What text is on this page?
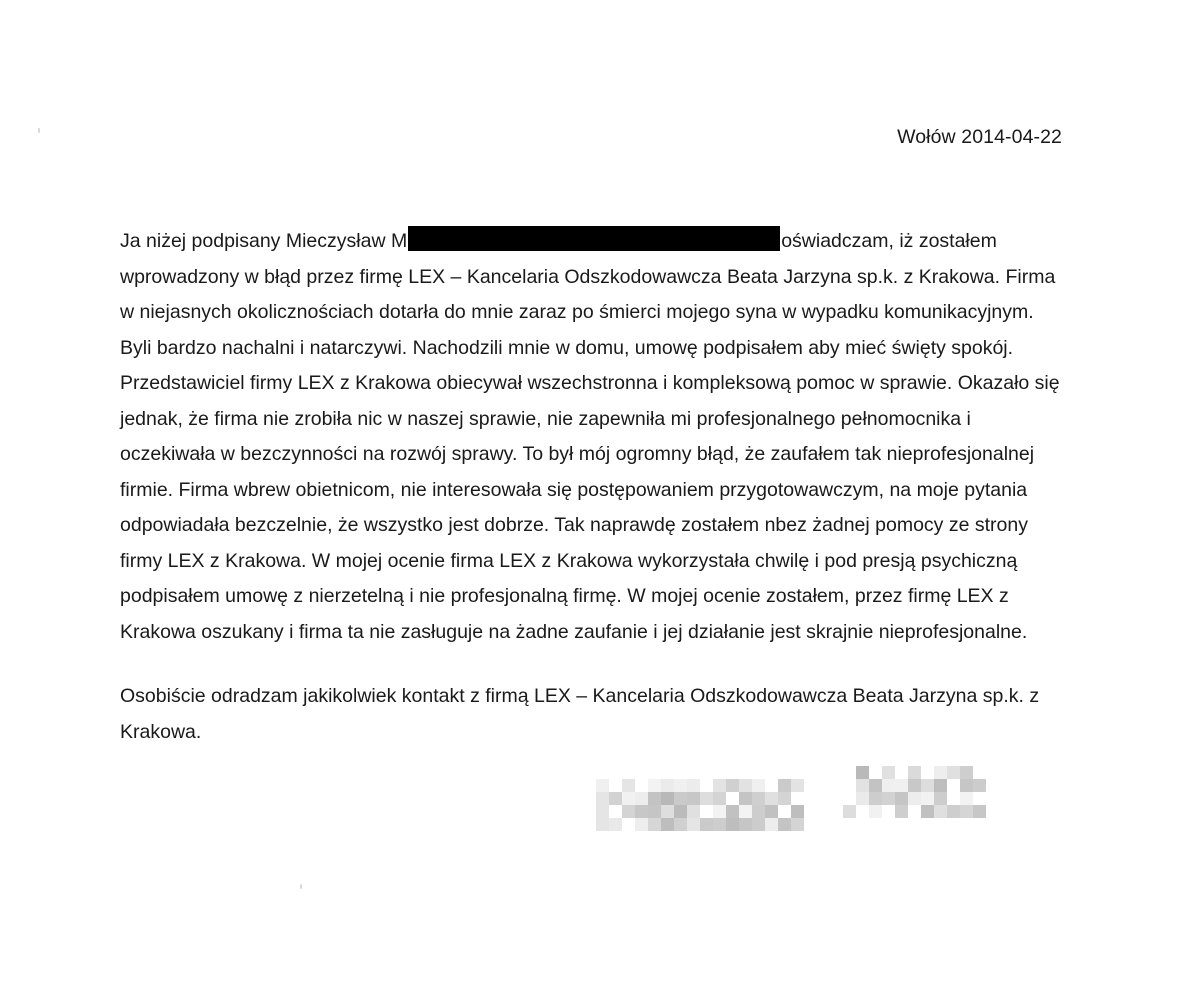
Wołów 2014-04-22

Ja niżej podpisany Mieczysław M	oświadczam, iż zostałem wprowadzony w błąd przez firmę LEX – Kancelaria Odszkodowawcza Beata Jarzyna sp.k. z Krakowa. Firma w niejasnych okolicznościach dotarła do mnie zaraz po śmierci mojego syna w wypadku komunikacyjnym. Byli bardzo nachalni i natarczywi. Nachodzili mnie w domu, umowę podpisałem aby mieć święty spokój. Przedstawiciel firmy LEX z Krakowa obiecywał wszechstronna i kompleksową pomoc w sprawie. Okazało się jednak, że firma nie zrobiła nic w naszej sprawie, nie zapewniła mi profesjonalnego pełnomocnika i oczekiwała w bezczynności na rozwój sprawy. To był mój ogromny błąd, że zaufałem tak nieprofesjonalnej firmie. Firma wbrew obietnicom, nie interesowała się postępowaniem przygotowawczym, na moje pytania odpowiadała bezczelnie, że wszystko jest dobrze. Tak naprawdę zostałem nbez żadnej pomocy ze strony firmy LEX z Krakowa. W mojej ocenie firma LEX z Krakowa wykorzystała chwilę i pod presją psychiczną podpisałem umowę z nierzetelną i nie profesjonalną firmę. W mojej ocenie zostałem, przez firmę LEX z Krakowa oszukany i firma ta nie zasługuje na żadne zaufanie i jej działanie jest skrajnie nieprofesjonalne.

Osobiście odradzam jakikolwiek kontakt z firmą LEX – Kancelaria Odszkodowawcza Beata Jarzyna sp.k. z Krakowa.
